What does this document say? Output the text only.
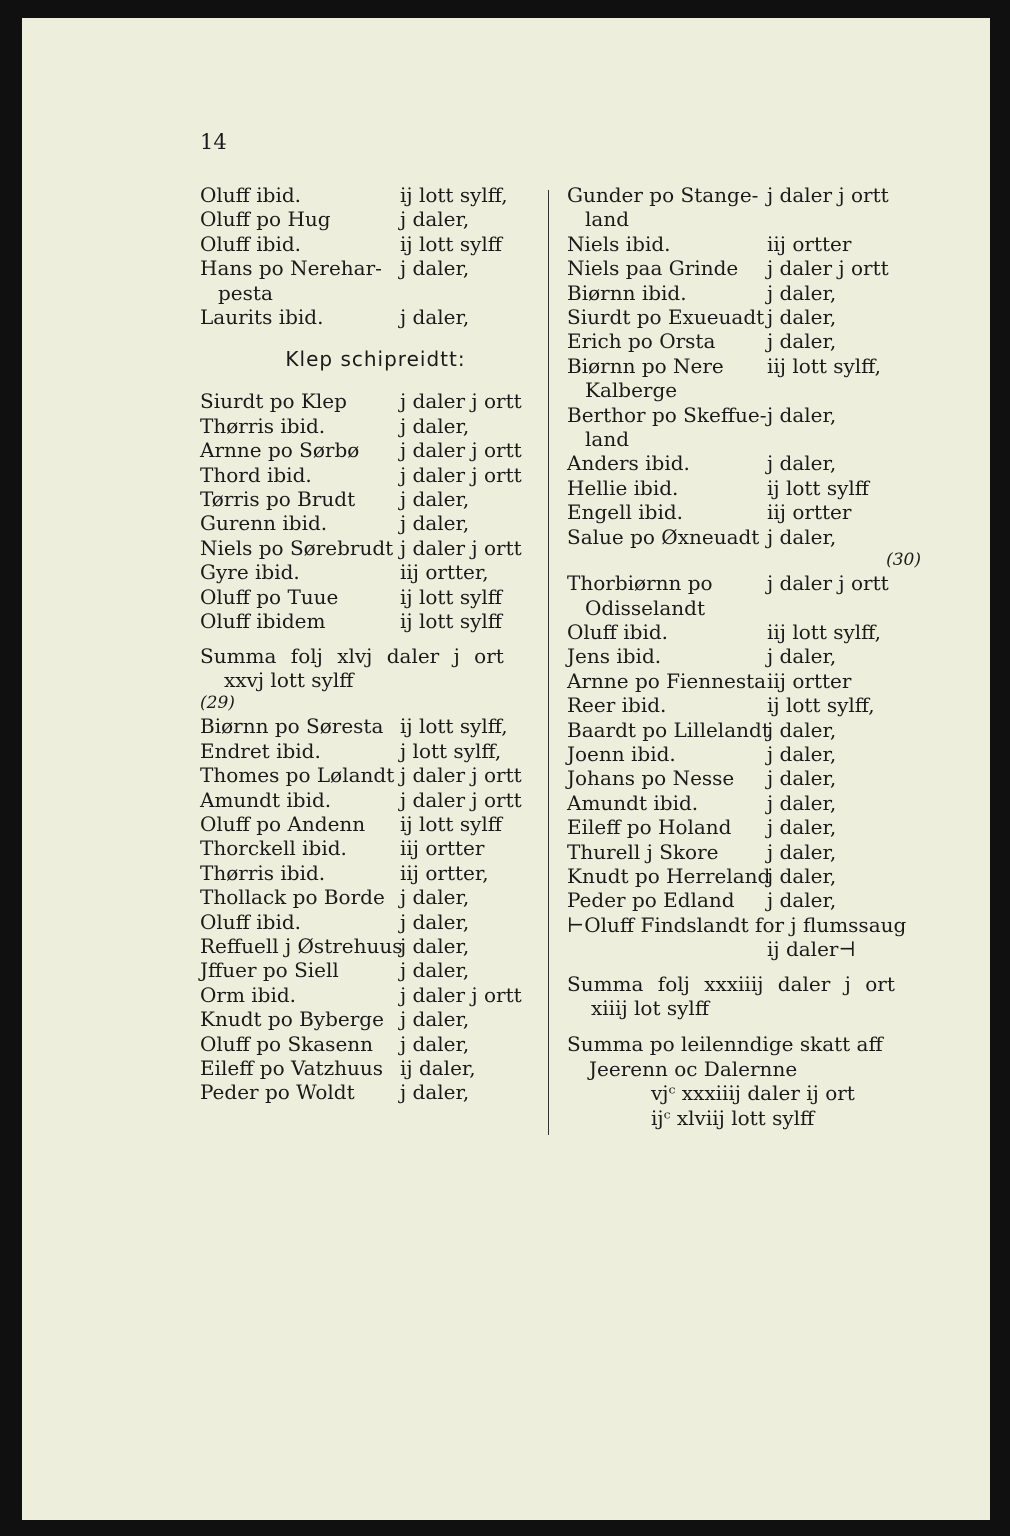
14
Oluff ibid.	ij lott sylff,
Oluff po Hug	j daler,
Oluff ibid.	ij lott sylff
Hans po Nerehar- j daler,
pesta
Laurits ibid.	j daler,
Klep schipreidtt:
Siurdt po Klep	j daler j ortt
Thørris ibid.	j daler,
Arnne po Sørbø j daler j ortt
Thord ibid.	j daler j ortt
Tørris po Brudt j daler,
Gurenn ibid.	j daler,
Niels po Sørebrudt j daler j ortt
Gyre ibid.	iij ortter,
Oluff po Tuue	ij lott sylff
Oluff ibidem	ij lott sylff
Summa folj xlvj daler j ort
xxvj lott sylff
(29)
Biørnn po Søresta ij lott sylff,
Endret ibid.	j lott sylff,
Thomes po Lølandt j daler j ortt
Amundt ibid.	j daler j ortt
Oluff po Andenn ij lott sylff
Thorckell ibid.	iij ortter
Thørris ibid.	iij ortter,
Thollack po Borde j daler,
Oluff ibid.	j daler,
Reffuell j Østrehuusj daler,
Jffuer po Siell	j daler,
Orm ibid.	j daler j ortt
Knudt po Byberge j daler,
Oluff po Skasenn j daler,
Eileff po Vatzhuus ij daler,
Peder po Woldt j daler,
Gunder po Stange- j daler j ortt
land
Niels ibid.	iij ortter
Niels paa Grinde j daler j ortt
Biørnn ibid.	j daler,
Siurdt po Exueuadt j daler,
Erich po Orsta	j daler,
Biørnn po Nere iij lott sylff,
Kalberge
Berthor po Skeffue-j daler,
land
Anders ibid.	j daler,
Hellie ibid.	ij lott sylff
Engell ibid.	iij ortter
Salue po Øxneuadt j daler,
(30)
Thorbiørnn po	j daler j ortt
Odisselandt
Oluff ibid.	iij lott sylff,
Jens ibid.	j daler,
Arnne po Fiennestaiij ortter
Reer ibid.	ij lott sylff,
Baardt po Lillelandtj daler,
Joenn ibid.	j daler,
Johans po Nesse j daler,
Amundt ibid.	j daler,
Eileff po Holand j daler,
Thurell j Skore j daler,
Knudt po Herrelandj daler,
Peder po Edland j daler,
⊢Oluff Findslandt for j flumssaug
ij daler⊣
Summa folj xxxiiij daler j ort
xiiij lot sylff
Summa po leilenndige skatt aff
Jeerenn oc Dalernne
vjᶜ xxxiiij daler ij ort
ijᶜ xlviij lott sylff
